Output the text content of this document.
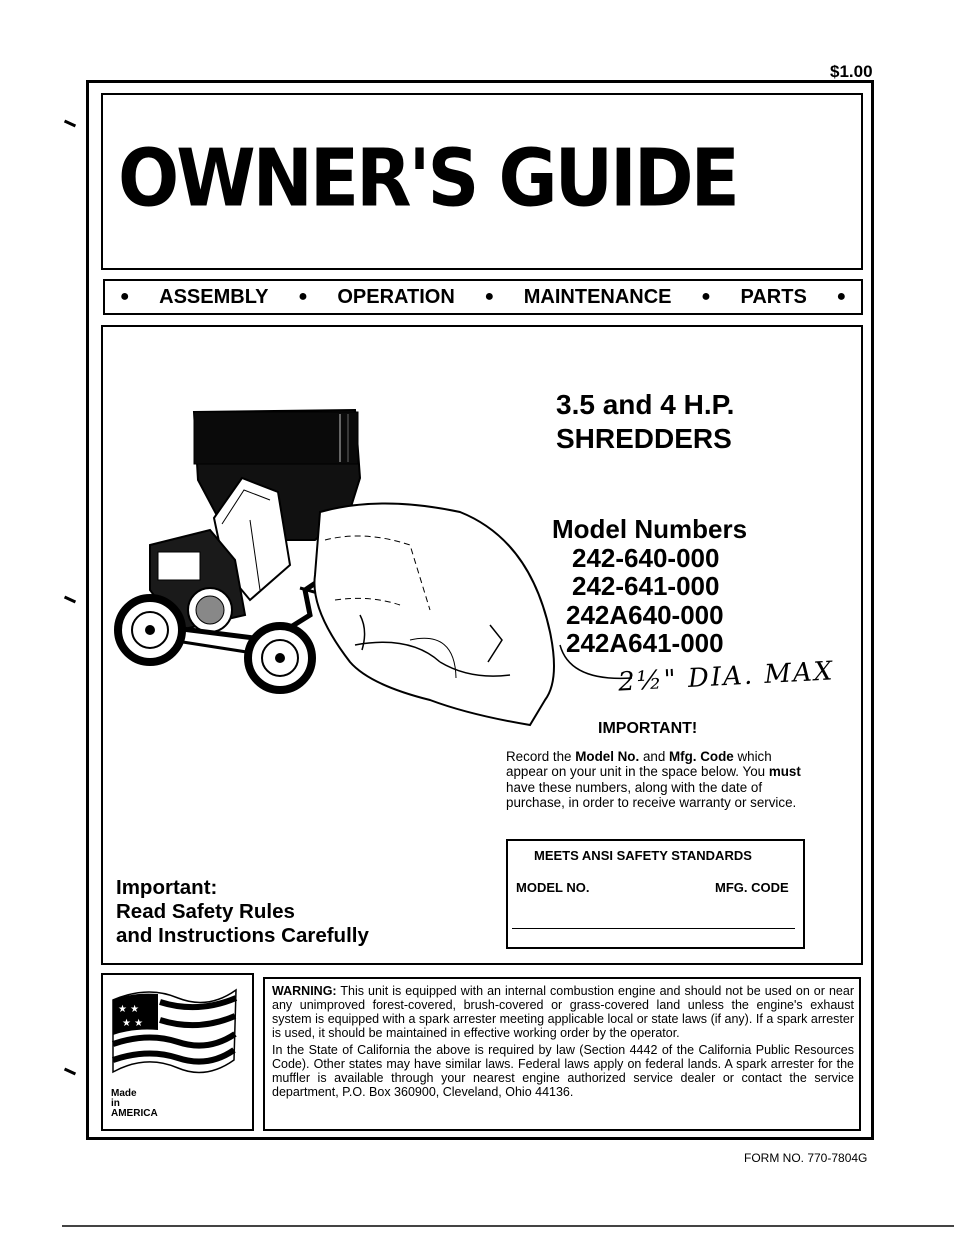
$1.00
OWNER'S GUIDE
● ASSEMBLY ● OPERATION ● MAINTENANCE ● PARTS ●
3.5 and 4 H.P.
SHREDDERS
Model Numbers
242-640-000
242-641-000
242A640-000
242A641-000
2½" DIA. MAX
IMPORTANT!
Record the Model No. and Mfg. Code which appear on your unit in the space below. You must have these numbers, along with the date of purchase, in order to receive warranty or service.
MEETS ANSI SAFETY STANDARDS
MODEL NO.	MFG. CODE
Important:
Read Safety Rules
and Instructions Carefully
★ ★
★ ★
Made
in
AMERICA

WARNING: This unit is equipped with an internal combustion engine and should not be used on or near any unimproved forest-covered, brush-covered or grass-covered land unless the engine's exhaust system is equipped with a spark arrester meeting applicable local or state laws (if any). If a spark arrester is used, it should be maintained in effective working order by the operator.

In the State of California the above is required by law (Section 4442 of the California Public Resources Code). Other states may have similar laws. Federal laws apply on federal lands. A spark arrester for the muffler is available through your nearest engine authorized service dealer or contact the service department, P.O. Box 360900, Cleveland, Ohio 44136.

FORM NO. 770-7804G
